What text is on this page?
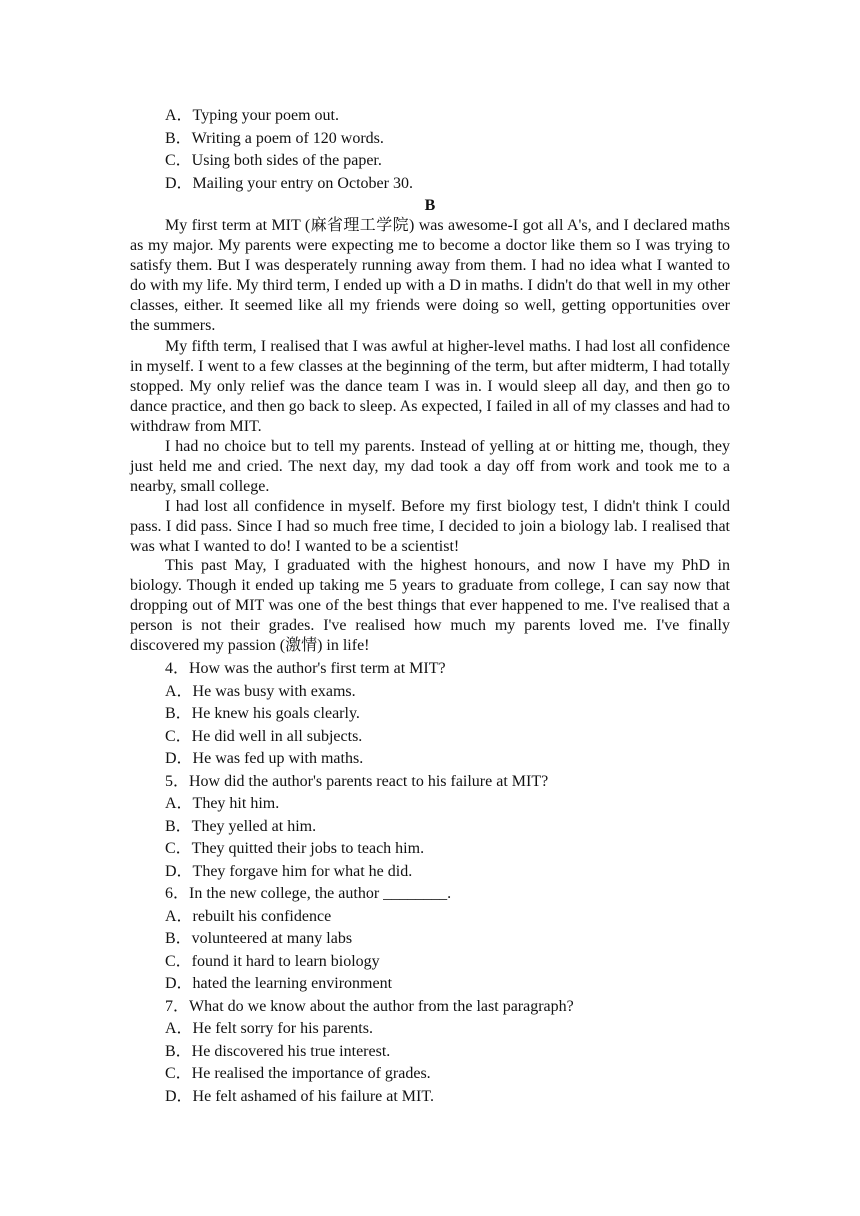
A．Typing your poem out.
B．Writing a poem of 120 words.
C．Using both sides of the paper.
D．Mailing your entry on October 30.
B
My first term at MIT (麻省理工学院) was awesome-I got all A's, and I declared maths as my major. My parents were expecting me to become a doctor like them so I was trying to satisfy them. But I was desperately running away from them. I had no idea what I wanted to do with my life. My third term, I ended up with a D in maths. I didn't do that well in my other classes, either. It seemed like all my friends were doing so well, getting opportunities over the summers.
My fifth term, I realised that I was awful at higher-level maths. I had lost all confidence in myself. I went to a few classes at the beginning of the term, but after midterm, I had totally stopped. My only relief was the dance team I was in. I would sleep all day, and then go to dance practice, and then go back to sleep. As expected, I failed in all of my classes and had to withdraw from MIT.
I had no choice but to tell my parents. Instead of yelling at or hitting me, though, they just held me and cried. The next day, my dad took a day off from work and took me to a nearby, small college.
I had lost all confidence in myself. Before my first biology test, I didn't think I could pass. I did pass. Since I had so much free time, I decided to join a biology lab. I realised that was what I wanted to do! I wanted to be a scientist!
This past May, I graduated with the highest honours, and now I have my PhD in biology. Though it ended up taking me 5 years to graduate from college, I can say now that dropping out of MIT was one of the best things that ever happened to me. I've realised that a person is not their grades. I've realised how much my parents loved me. I've finally discovered my passion (激情) in life!
4．How was the author's first term at MIT?
A．He was busy with exams.
B．He knew his goals clearly.
C．He did well in all subjects.
D．He was fed up with maths.
5．How did the author's parents react to his failure at MIT?
A．They hit him.
B．They yelled at him.
C．They quitted their jobs to teach him.
D．They forgave him for what he did.
6．In the new college, the author ________.
A．rebuilt his confidence
B．volunteered at many labs
C．found it hard to learn biology
D．hated the learning environment
7．What do we know about the author from the last paragraph?
A．He felt sorry for his parents.
B．He discovered his true interest.
C．He realised the importance of grades.
D．He felt ashamed of his failure at MIT.
